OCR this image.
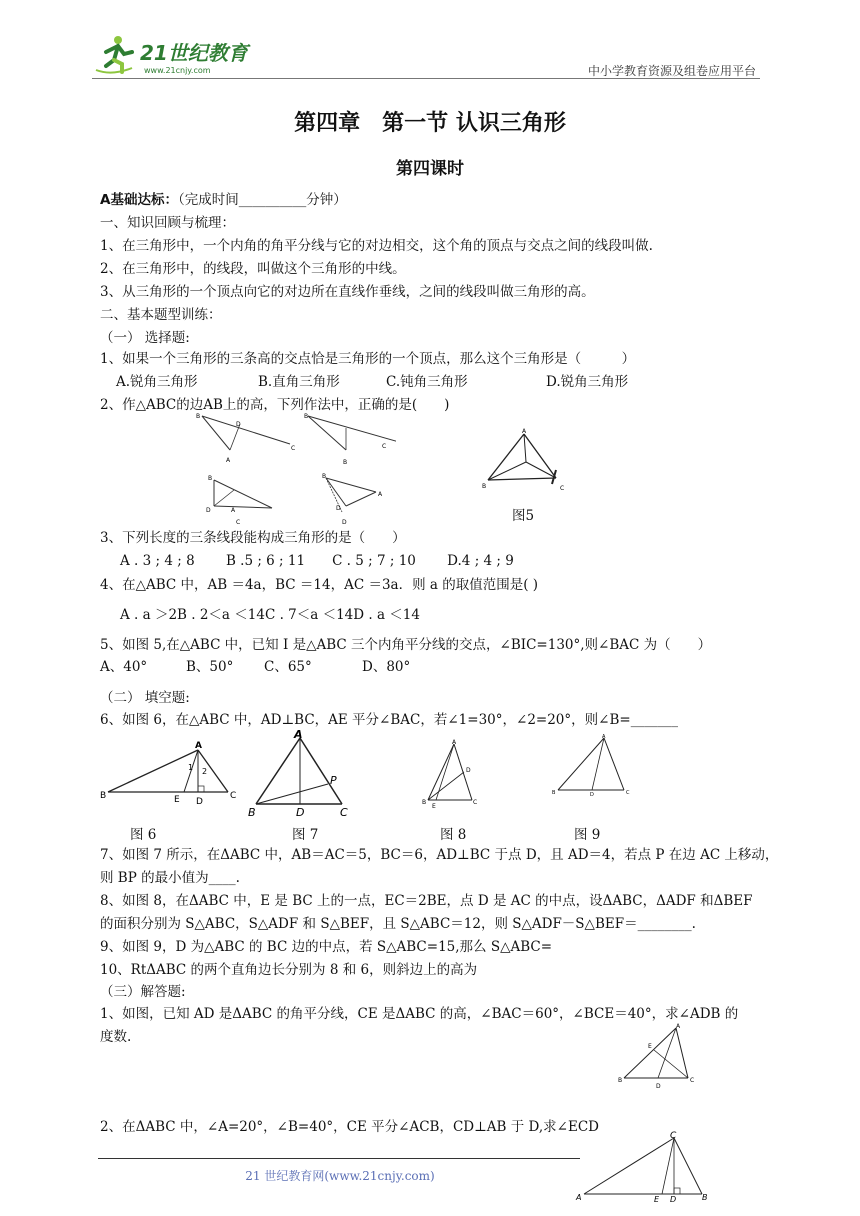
21世纪教育
www.21cnjy.com	中小学教育资源及组卷应用平台
第四章　第一节 认识三角形
第四课时
A基础达标：（完成时间__________分钟）
一、知识回顾与梳理：
1、在三角形中，一个内角的角平分线与它的对边相交，这个角的顶点与交点之间的线段叫做.
2、在三角形中，的线段，叫做这个三角形的中线。
3、从三角形的一个顶点向它的对边所在直线作垂线，之间的线段叫做三角形的高。
二、基本题型训练：
（一） 选择题:
1、如果一个三角形的三条高的交点恰是三角形的一个顶点，那么这个三角形是（　　　）
A.锐角三角形	B.直角三角形	C.钝角三角形	D.锐角三角形
2、作△ABC的边AB上的高，下列作法中，正确的是(　　)
D
B
C
A
B
C
B
B
D	A
C
B
A
D
D
A
B	C
图5
3、下列长度的三条线段能构成三角形的是（　　）
A . 3 ; 4 ; 8　　 B .5 ; 6 ; 11　　C . 5 ; 7 ; 10　　 D.4 ; 4 ; 9
4、在△ABC 中，AB ＝4a，BC ＝14，AC ＝3a．则 a 的取值范围是( )
A . a ＞2B . 2＜a ＜14C . 7＜a ＜14D . a ＜14
5、如图 5,在△ABC 中，已知 I 是△ABC 三个内角平分线的交点，∠BIC=130°,则∠BAC 为（　　）
A、40°	B、50° C、65°	D、80°
（二） 填空题:
6、如图 6，在△ABC 中，AD⊥BC，AE 平分∠BAC，若∠1=30°，∠2=20°，则∠B=_______
A
1 2
B	C
E D
A
P
B	D	C
A
B	C
E
D
A
B	C
D
图 6	图 7	图 8	图 9
7、如图 7 所示，在ΔABC 中，AB＝AC＝5，BC＝6，AD⊥BC 于点 D，且 AD＝4，若点 P 在边 AC 上移动，
则 BP 的最小值为____.
8、如图 8，在ΔABC 中，E 是 BC 上的一点，EC＝2BE，点 D 是 AC 的中点，设ΔABC，ΔADF 和ΔBEF
的面积分别为 S△ABC，S△ADF 和 S△BEF，且 S△ABC＝12，则 S△ADF－S△BEF＝________.
9、如图 9，D 为△ABC 的 BC 边的中点，若 S△ABC=15,那么 S△ABC=
10、RtΔABC 的两个直角边长分别为 8 和 6，则斜边上的高为
（三）解答题:
1、如图，已知 AD 是ΔABC 的角平分线，CE 是ΔABC 的高，∠BAC＝60°，∠BCE＝40°，求∠ADB 的
度数.
A
E
B
D
C
2、在ΔABC 中，∠A=20°，∠B=40°，CE 平分∠ACB，CD⊥AB 于 D,求∠ECD
C
A	E D	B
21 世纪教育网(www.21cnjy.com)
